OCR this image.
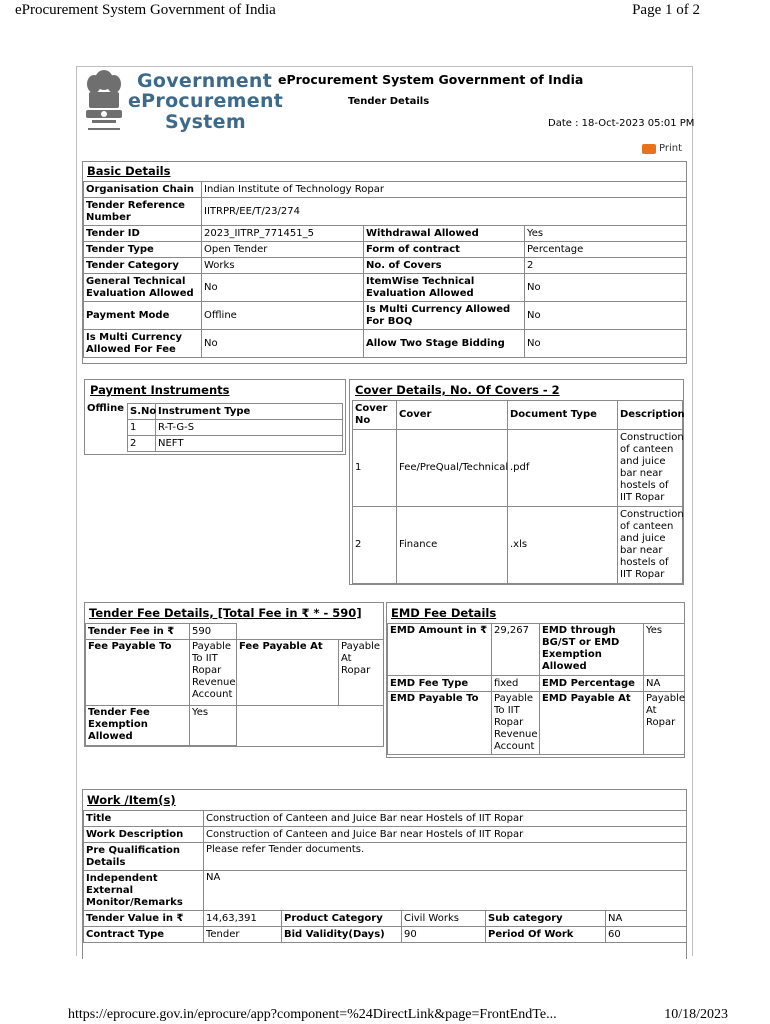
eProcurement System Government of India	Page 1 of 2
Government
eProcurement
System
eProcurement System Government of India
Tender Details
Date : 18-Oct-2023 05:01 PM
Print
Basic Details
Organisation Chain	Indian Institute of Technology Ropar		
Tender Reference Number	IITRPR/EE/T/23/274		
Tender ID	2023_IITRP_771451_5	Withdrawal Allowed	Yes
Tender Type	Open Tender	Form of contract	Percentage
Tender Category	Works	No. of Covers	2
General Technical Evaluation Allowed	No	ItemWise Technical Evaluation Allowed	No
Payment Mode	Offline	Is Multi Currency Allowed For BOQ	No
Is Multi Currency Allowed For Fee	No	Allow Two Stage Bidding	No
Payment Instruments
Offline S.No	Instrument Type
1	R-T-G-S
2	NEFT
Cover Details, No. Of Covers - 2
Cover No	Cover	Document Type	Description
1	Fee/PreQual/Technical	.pdf	Construction of canteen and juice bar near hostels of IIT Ropar
2	Finance	.xls	Construction of canteen and juice bar near hostels of IIT Ropar
Tender Fee Details, [Total Fee in ₹ * - 590]
Tender Fee in ₹	590		
Fee Payable To	Payable To IIT Ropar Revenue Account	Fee Payable At	Payable At Ropar
Tender Fee Exemption Allowed	Yes		
EMD Fee Details
EMD Amount in ₹	29,267	EMD through BG/ST or EMD Exemption Allowed	Yes
EMD Fee Type	fixed	EMD Percentage	NA
EMD Payable To	Payable To IIT Ropar Revenue Account	EMD Payable At	Payable At Ropar
Work /Item(s)
Title	Construction of Canteen and Juice Bar near Hostels of IIT Ropar				
Work Description	Construction of Canteen and Juice Bar near Hostels of IIT Ropar				
Pre Qualification Details	Please refer Tender documents.				
Independent External Monitor/Remarks	NA				
Tender Value in ₹	14,63,391	Product Category	Civil Works	Sub category	NA
Contract Type	Tender	Bid Validity(Days)	90	Period Of Work	60
https://eprocure.gov.in/eprocure/app?component=%24DirectLink&page=FrontEndTe...	10/18/2023
